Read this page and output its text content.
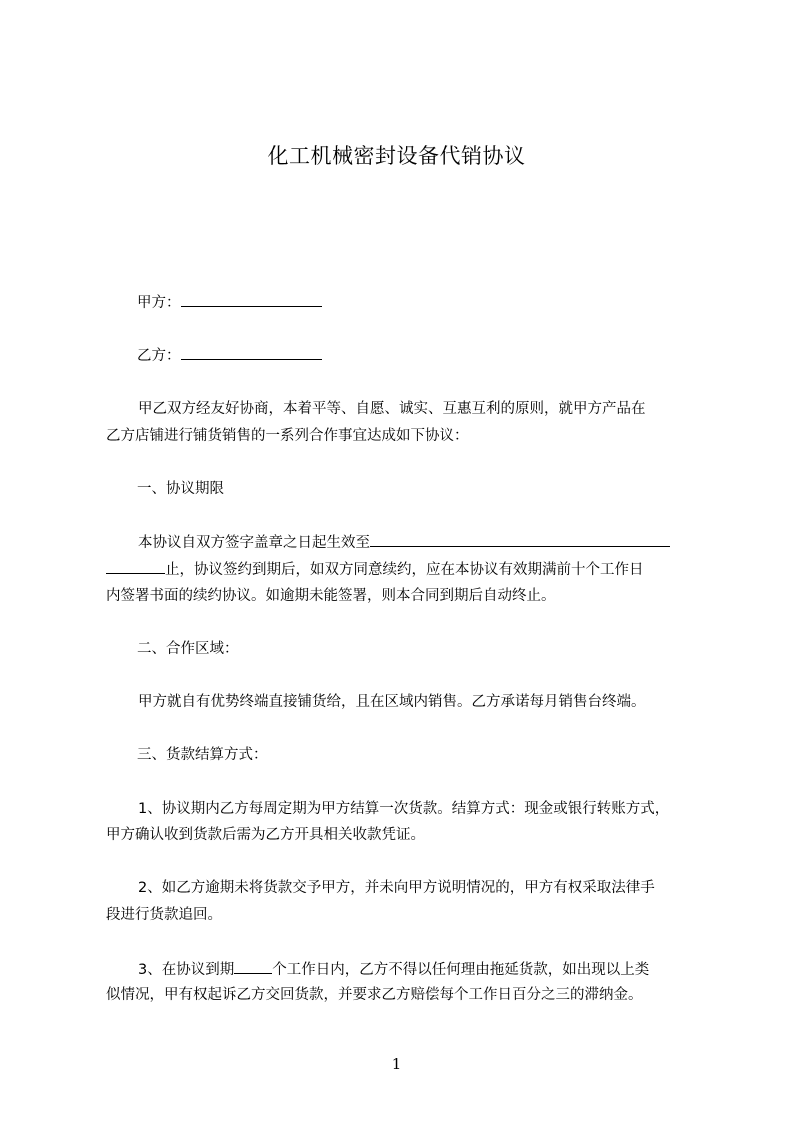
化工机械密封设备代销协议
甲方：
乙方：
甲乙双方经友好协商，本着平等、自愿、诚实、互惠互利的原则，就甲方产品在
乙方店铺进行铺货销售的一系列合作事宜达成如下协议：
一、协议期限
本协议自双方签字盖章之日起生效至
止，协议签约到期后，如双方同意续约，应在本协议有效期满前十个工作日
内签署书面的续约协议。如逾期未能签署，则本合同到期后自动终止。
二、合作区域：
甲方就自有优势终端直接铺货给，且在区域内销售。乙方承诺每月销售台终端。
三、货款结算方式：
1、协议期内乙方每周定期为甲方结算一次货款。结算方式：现金或银行转账方式，
甲方确认收到货款后需为乙方开具相关收款凭证。
2、如乙方逾期未将货款交予甲方，并未向甲方说明情况的，甲方有权采取法律手
段进行货款追回。
3、在协议到期	个工作日内，乙方不得以任何理由拖延货款，如出现以上类
似情况，甲有权起诉乙方交回货款，并要求乙方赔偿每个工作日百分之三的滞纳金。
1
